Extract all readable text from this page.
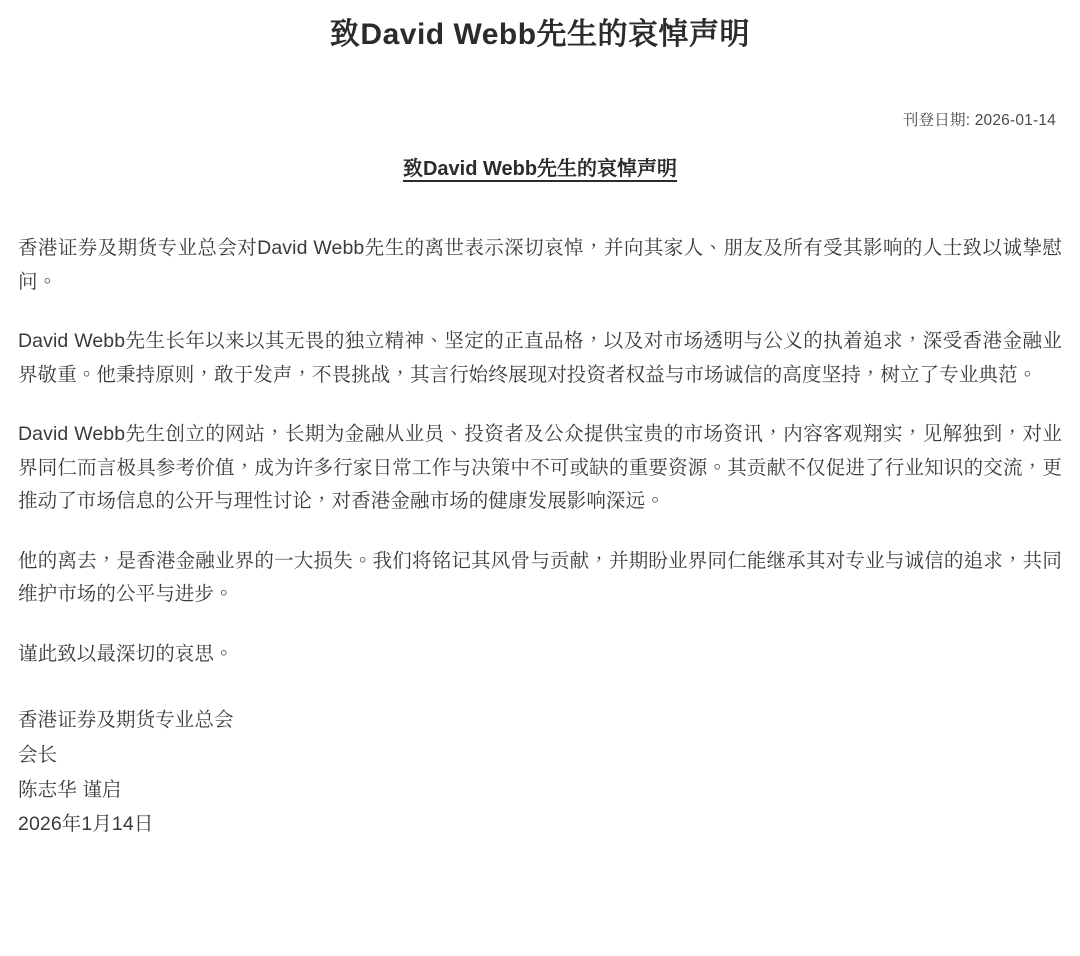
致David Webb先生的哀悼声明
刊登日期: 2026-01-14
致David Webb先生的哀悼声明

香港证券及期货专业总会对David Webb先生的离世表示深切哀悼，并向其家人、朋友及所有受其影响的人士致以诚挚慰问。

David Webb先生长年以来以其无畏的独立精神、坚定的正直品格，以及对市场透明与公义的执着追求，深受香港金融业界敬重。他秉持原则，敢于发声，不畏挑战，其言行始终展现对投资者权益与市场诚信的高度坚持，树立了专业典范。

David Webb先生创立的网站，长期为金融从业员、投资者及公众提供宝贵的市场资讯，内容客观翔实，见解独到，对业界同仁而言极具参考价值，成为许多行家日常工作与决策中不可或缺的重要资源。其贡献不仅促进了行业知识的交流，更推动了市场信息的公开与理性讨论，对香港金融市场的健康发展影响深远。

他的离去，是香港金融业界的一大损失。我们将铭记其风骨与贡献，并期盼业界同仁能继承其对专业与诚信的追求，共同维护市场的公平与进步。

谨此致以最深切的哀思。

香港证券及期货专业总会
会长
陈志华 谨启
2026年1月14日
